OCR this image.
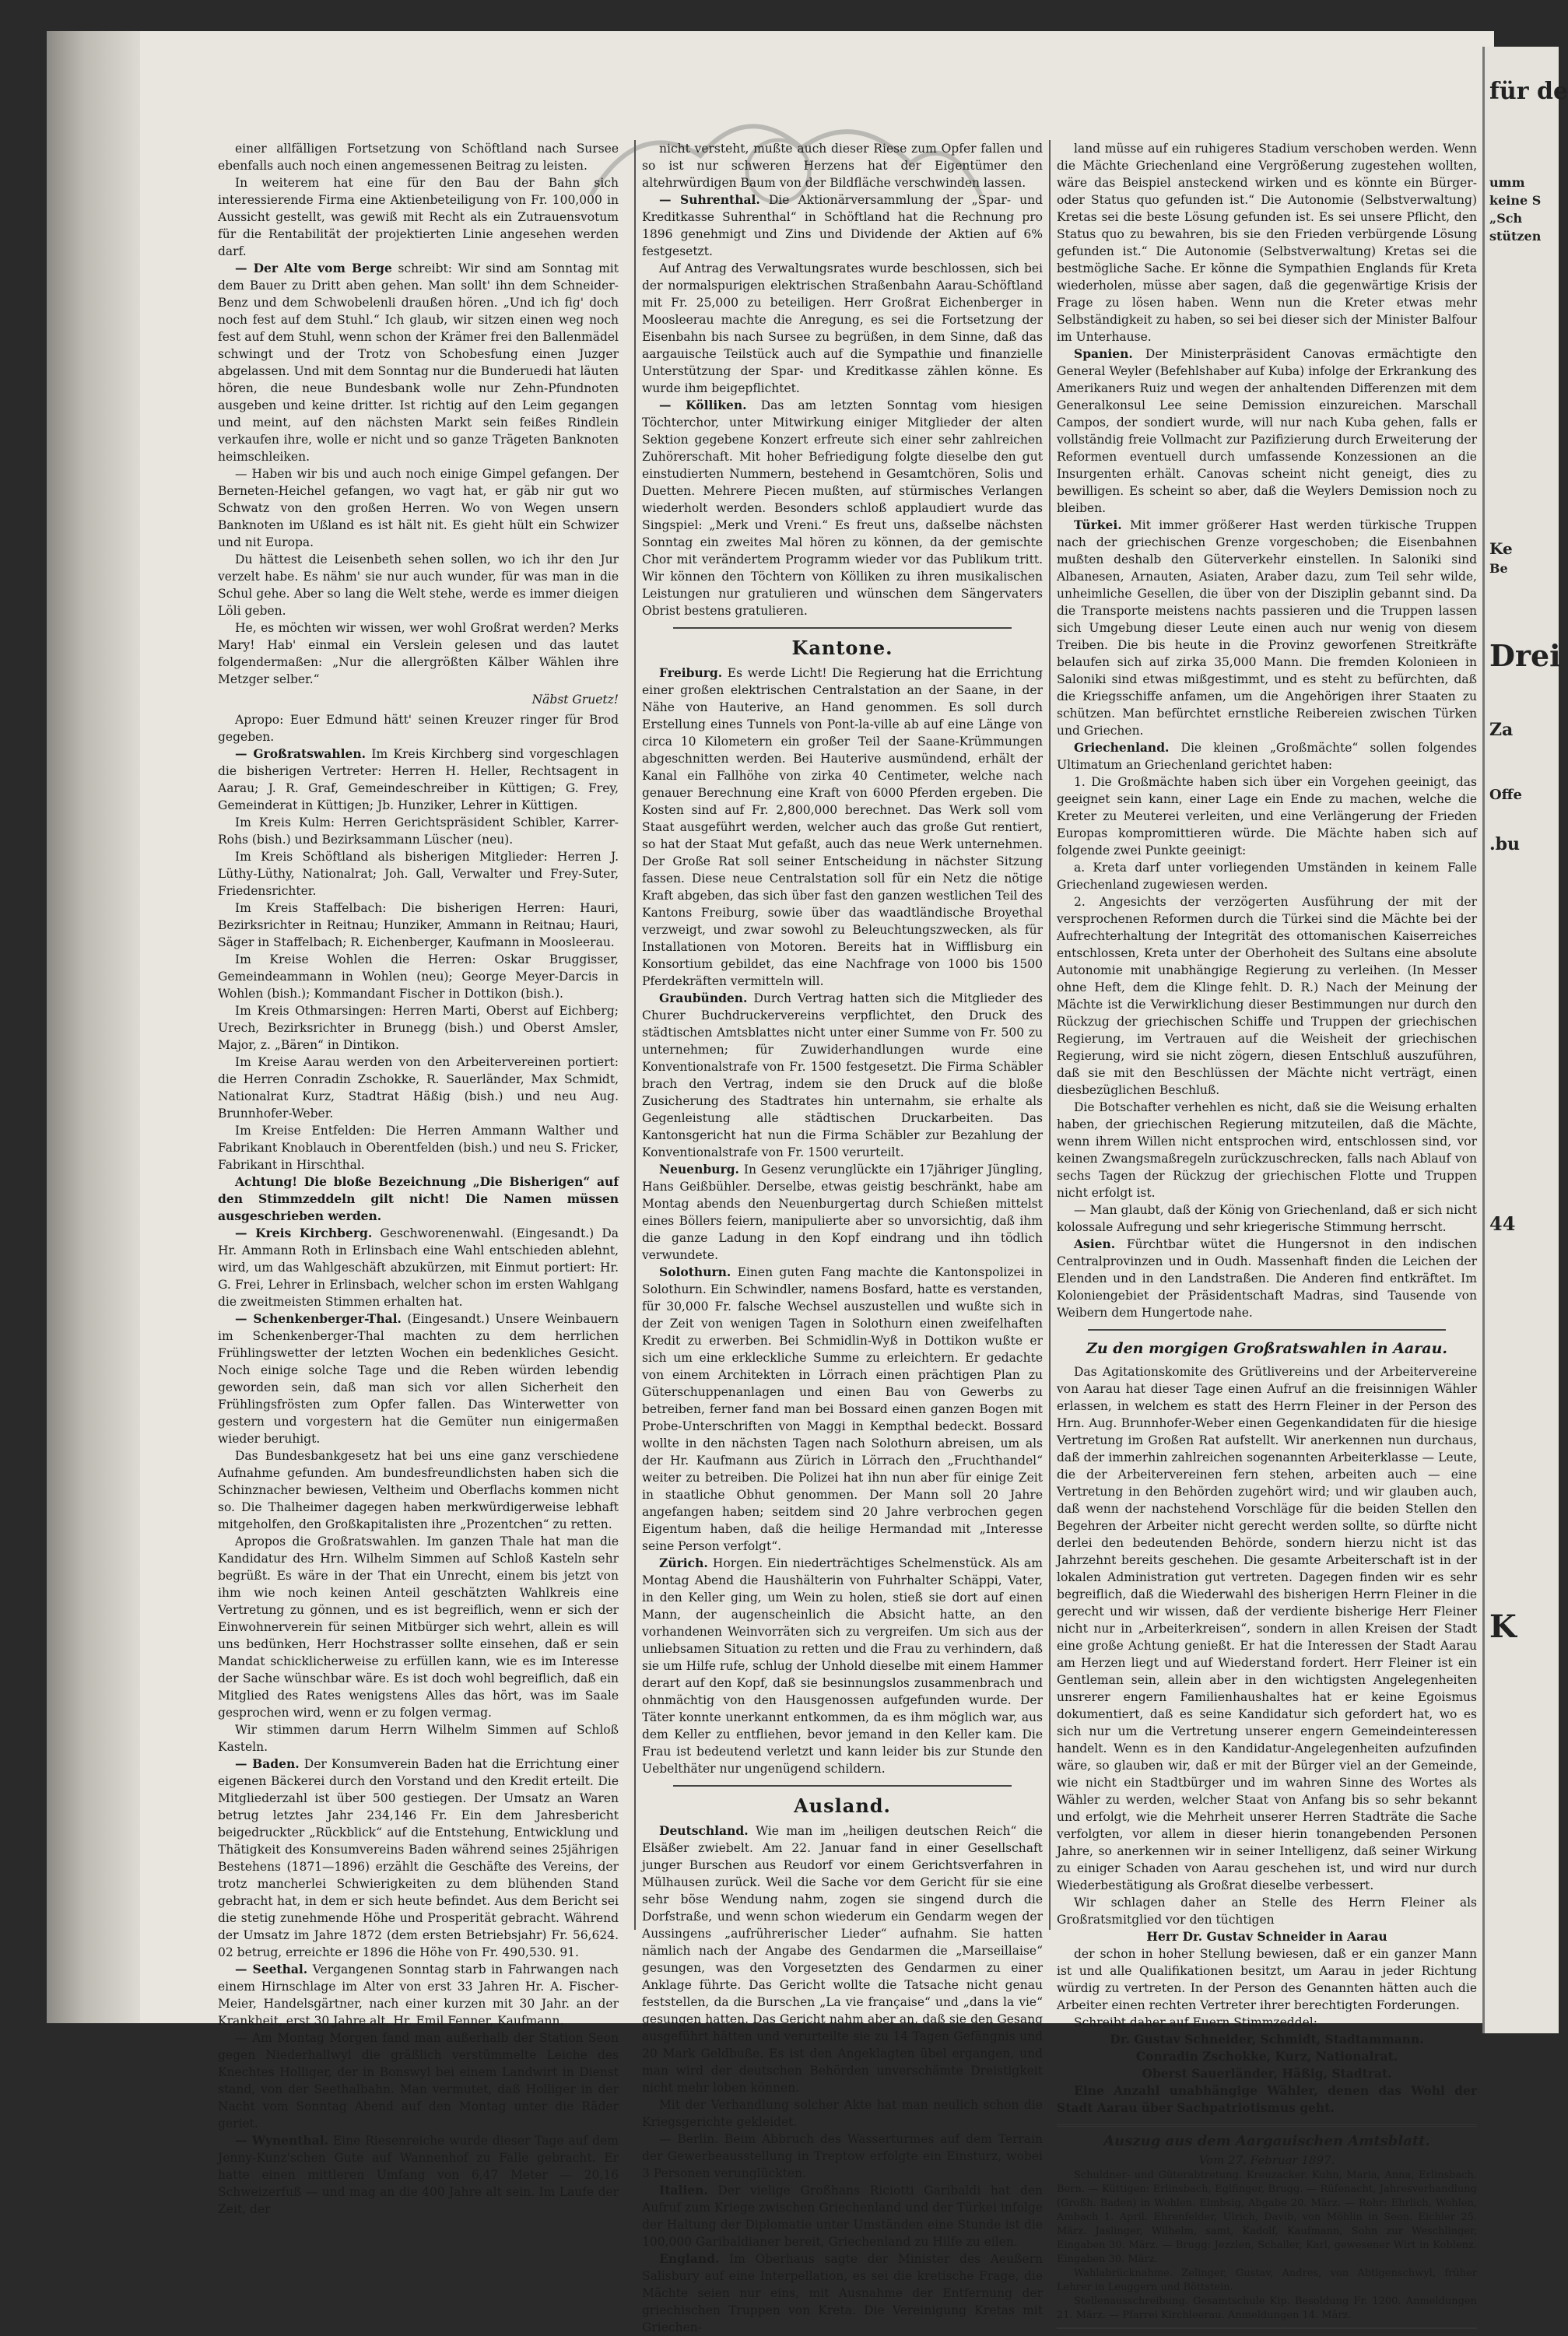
einer allfälligen Fortsetzung von Schöftland nach Sursee ebenfalls auch noch einen angemessenen Beitrag zu leisten.

In weiterem hat eine für den Bau der Bahn sich interessierende Firma eine Aktienbeteiligung von Fr. 100,000 in Aussicht gestellt, was gewiß mit Recht als ein Zutrauensvotum für die Rentabilität der projektierten Linie angesehen werden darf.

— Der Alte vom Berge schreibt: Wir sind am Sonntag mit dem Bauer zu Dritt aben gehen. Man sollt' ihn dem Schneider-Benz und dem Schwobelenli draußen hören. „Und ich fig' doch noch fest auf dem Stuhl.“ Ich glaub, wir sitzen einen weg noch fest auf dem Stuhl, wenn schon der Krämer frei den Ballenmädel schwingt und der Trotz von Schobesfung einen Juzger abgelassen. Und mit dem Sonntag nur die Bunderuedi hat läuten hören, die neue Bundesbank wolle nur Zehn-Pfundnoten ausgeben und keine dritter. Ist richtig auf den Leim gegangen und meint, auf den nächsten Markt sein feißes Rindlein verkaufen ihre, wolle er nicht und so ganze Trägeten Banknoten heimschleiken.

— Haben wir bis und auch noch einige Gimpel gefangen. Der Berneten-Heichel gefangen, wo vagt hat, er gäb nir gut wo Schwatz von den großen Herren. Wo von Wegen unsern Banknoten im Ußland es ist hält nit. Es gieht hült ein Schwizer und nit Europa.

Du hättest die Leisenbeth sehen sollen, wo ich ihr den Jur verzelt habe. Es nähm' sie nur auch wunder, für was man in die Schul gehe. Aber so lang die Welt stehe, werde es immer dieigen Löli geben.

He, es möchten wir wissen, wer wohl Großrat werden? Merks Mary! Hab' einmal ein Verslein gelesen und das lautet folgendermaßen: „Nur die allergrößten Kälber Wählen ihre Metzger selber.“

Näbst Gruetz!

Apropo: Euer Edmund hätt' seinen Kreuzer ringer für Brod gegeben.

— Großratswahlen. Im Kreis Kirchberg sind vorgeschlagen die bisherigen Vertreter: Herren H. Heller, Rechtsagent in Aarau; J. R. Graf, Gemeindeschreiber in Küttigen; G. Frey, Gemeinderat in Küttigen; Jb. Hunziker, Lehrer in Küttigen.

Im Kreis Kulm: Herren Gerichtspräsident Schibler, Karrer-Rohs (bish.) und Bezirksammann Lüscher (neu).

Im Kreis Schöftland als bisherigen Mitglieder: Herren J. Lüthy-Lüthy, Nationalrat; Joh. Gall, Verwalter und Frey-Suter, Friedensrichter.

Im Kreis Staffelbach: Die bisherigen Herren: Hauri, Bezirksrichter in Reitnau; Hunziker, Ammann in Reitnau; Hauri, Säger in Staffelbach; R. Eichenberger, Kaufmann in Moosleerau.

Im Kreise Wohlen die Herren: Oskar Bruggisser, Gemeindeammann in Wohlen (neu); George Meyer-Darcis in Wohlen (bish.); Kommandant Fischer in Dottikon (bish.).

Im Kreis Othmarsingen: Herren Marti, Oberst auf Eichberg; Urech, Bezirksrichter in Brunegg (bish.) und Oberst Amsler, Major, z. „Bären“ in Dintikon.

Im Kreise Aarau werden von den Arbeitervereinen portiert: die Herren Conradin Zschokke, R. Sauerländer, Max Schmidt, Nationalrat Kurz, Stadtrat Häßig (bish.) und neu Aug. Brunnhofer-Weber.

Im Kreise Entfelden: Die Herren Ammann Walther und Fabrikant Knoblauch in Oberentfelden (bish.) und neu S. Fricker, Fabrikant in Hirschthal.

Achtung! Die bloße Bezeichnung „Die Bisherigen“ auf den Stimmzeddeln gilt nicht! Die Namen müssen ausgeschrieben werden.

— Kreis Kirchberg. Geschworenenwahl. (Eingesandt.) Da Hr. Ammann Roth in Erlinsbach eine Wahl entschieden ablehnt, wird, um das Wahlgeschäft abzukürzen, mit Einmut portiert: Hr. G. Frei, Lehrer in Erlinsbach, welcher schon im ersten Wahlgang die zweitmeisten Stimmen erhalten hat.

— Schenkenberger-Thal. (Eingesandt.) Unsere Weinbauern im Schenkenberger-Thal machten zu dem herrlichen Frühlingswetter der letzten Wochen ein bedenkliches Gesicht. Noch einige solche Tage und die Reben würden lebendig geworden sein, daß man sich vor allen Sicherheit den Frühlingsfrösten zum Opfer fallen. Das Winterwetter von gestern und vorgestern hat die Gemüter nun einigermaßen wieder beruhigt.

Das Bundesbankgesetz hat bei uns eine ganz verschiedene Aufnahme gefunden. Am bundesfreundlichsten haben sich die Schinznacher bewiesen, Veltheim und Oberflachs kommen nicht so. Die Thalheimer dagegen haben merkwürdigerweise lebhaft mitgeholfen, den Großkapitalisten ihre „Prozentchen“ zu retten.

Apropos die Großratswahlen. Im ganzen Thale hat man die Kandidatur des Hrn. Wilhelm Simmen auf Schloß Kasteln sehr begrüßt. Es wäre in der That ein Unrecht, einem bis jetzt von ihm wie noch keinen Anteil geschätzten Wahlkreis eine Vertretung zu gönnen, und es ist begreiflich, wenn er sich der Einwohnerverein für seinen Mitbürger sich wehrt, allein es will uns bedünken, Herr Hochstrasser sollte einsehen, daß er sein Mandat schicklicherweise zu erfüllen kann, wie es im Interesse der Sache wünschbar wäre. Es ist doch wohl begreiflich, daß ein Mitglied des Rates wenigstens Alles das hört, was im Saale gesprochen wird, wenn er zu folgen vermag.

Wir stimmen darum Herrn Wilhelm Simmen auf Schloß Kasteln.

— Baden. Der Konsumverein Baden hat die Errichtung einer eigenen Bäckerei durch den Vorstand und den Kredit erteilt. Die Mitgliederzahl ist über 500 gestiegen. Der Umsatz an Waren betrug letztes Jahr 234,146 Fr. Ein dem Jahresbericht beigedruckter „Rückblick“ auf die Entstehung, Entwicklung und Thätigkeit des Konsumvereins Baden während seines 25jährigen Bestehens (1871—1896) erzählt die Geschäfte des Vereins, der trotz mancherlei Schwierigkeiten zu dem blühenden Stand gebracht hat, in dem er sich heute befindet. Aus dem Bericht sei die stetig zunehmende Höhe und Prosperität gebracht. Während der Umsatz im Jahre 1872 (dem ersten Betriebsjahr) Fr. 56,624. 02 betrug, erreichte er 1896 die Höhe von Fr. 490,530. 91.

— Seethal. Vergangenen Sonntag starb in Fahrwangen nach einem Hirnschlage im Alter von erst 33 Jahren Hr. A. Fischer-Meier, Handelsgärtner, nach einer kurzen mit 30 Jahr. an der Krankheit, erst 30 Jahre alt, Hr. Emil Fenner, Kaufmann.

— Am Montag Morgen fand man außerhalb der Station Seon gegen Niederhallwyl die gräßlich verstümmelte Leiche des Knechtes Holliger, der in Bonswyl bei einem Landwirt in Dienst stand, von der Seethalbahn. Man vermutet, daß Holliger in der Nacht vom Sonntag Abend auf den Montag unter die Räder geriet.

— Wynenthal. Eine Riesenreiche wurde dieser Tage auf dem Jenny-Kunz'schen Gute auf Wannenhof zu Falle gebracht. Er hatte einen mittleren Umfang von 6,47 Meter — 20,16 Schweizerfuß — und mag an die 400 Jahre alt sein. Im Laufe der Zeit, der

nicht versteht, mußte auch dieser Riese zum Opfer fallen und so ist nur schweren Herzens hat der Eigentümer den altehrwürdigen Baum von der Bildfläche verschwinden lassen.

— Suhrenthal. Die Aktionärversammlung der „Spar- und Kreditkasse Suhrenthal“ in Schöftland hat die Rechnung pro 1896 genehmigt und Zins und Dividende der Aktien auf 6% festgesetzt.

Auf Antrag des Verwaltungsrates wurde beschlossen, sich bei der normalspurigen elektrischen Straßenbahn Aarau-Schöftland mit Fr. 25,000 zu beteiligen. Herr Großrat Eichenberger in Moosleerau machte die Anregung, es sei die Fortsetzung der Eisenbahn bis nach Sursee zu begrüßen, in dem Sinne, daß das aargauische Teilstück auch auf die Sympathie und finanzielle Unterstützung der Spar- und Kreditkasse zählen könne. Es wurde ihm beigepflichtet.

— Kölliken. Das am letzten Sonntag vom hiesigen Töchterchor, unter Mitwirkung einiger Mitglieder der alten Sektion gegebene Konzert erfreute sich einer sehr zahlreichen Zuhörerschaft. Mit hoher Befriedigung folgte dieselbe den gut einstudierten Nummern, bestehend in Gesamtchören, Solis und Duetten. Mehrere Piecen mußten, auf stürmisches Verlangen wiederholt werden. Besonders schloß applaudiert wurde das Singspiel: „Merk und Vreni.“ Es freut uns, daßselbe nächsten Sonntag ein zweites Mal hören zu können, da der gemischte Chor mit verändertem Programm wieder vor das Publikum tritt. Wir können den Töchtern von Kölliken zu ihren musikalischen Leistungen nur gratulieren und wünschen dem Sängervaters Obrist bestens gratulieren.

Kantone.

Freiburg. Es werde Licht! Die Regierung hat die Errichtung einer großen elektrischen Centralstation an der Saane, in der Nähe von Hauterive, an Hand genommen. Es soll durch Erstellung eines Tunnels von Pont-la-ville ab auf eine Länge von circa 10 Kilometern ein großer Teil der Saane-Krümmungen abgeschnitten werden. Bei Hauterive ausmündend, erhält der Kanal ein Fallhöhe von zirka 40 Centimeter, welche nach genauer Berechnung eine Kraft von 6000 Pferden ergeben. Die Kosten sind auf Fr. 2,800,000 berechnet. Das Werk soll vom Staat ausgeführt werden, welcher auch das große Gut rentiert, so hat der Staat Mut gefaßt, auch das neue Werk unternehmen. Der Große Rat soll seiner Entscheidung in nächster Sitzung fassen. Diese neue Centralstation soll für ein Netz die nötige Kraft abgeben, das sich über fast den ganzen westlichen Teil des Kantons Freiburg, sowie über das waadtländische Broyethal verzweigt, und zwar sowohl zu Beleuchtungszwecken, als für Installationen von Motoren. Bereits hat in Wifflisburg ein Konsortium gebildet, das eine Nachfrage von 1000 bis 1500 Pferdekräften vermitteln will.

Graubünden. Durch Vertrag hatten sich die Mitglieder des Churer Buchdruckervereins verpflichtet, den Druck des städtischen Amtsblattes nicht unter einer Summe von Fr. 500 zu unternehmen; für Zuwiderhandlungen wurde eine Konventionalstrafe von Fr. 1500 festgesetzt. Die Firma Schäbler brach den Vertrag, indem sie den Druck auf die bloße Zusicherung des Stadtrates hin unternahm, sie erhalte als Gegenleistung alle städtischen Druckarbeiten. Das Kantonsgericht hat nun die Firma Schäbler zur Bezahlung der Konventionalstrafe von Fr. 1500 verurteilt.

Neuenburg. In Gesenz verunglückte ein 17jähriger Jüngling, Hans Geißbühler. Derselbe, etwas geistig beschränkt, habe am Montag abends den Neuenburgertag durch Schießen mittelst eines Böllers feiern, manipulierte aber so unvorsichtig, daß ihm die ganze Ladung in den Kopf eindrang und ihn tödlich verwundete.

Solothurn. Einen guten Fang machte die Kantonspolizei in Solothurn. Ein Schwindler, namens Bosfard, hatte es verstanden, für 30,000 Fr. falsche Wechsel auszustellen und wußte sich in der Zeit von wenigen Tagen in Solothurn einen zweifelhaften Kredit zu erwerben. Bei Schmidlin-Wyß in Dottikon wußte er sich um eine erkleckliche Summe zu erleichtern. Er gedachte von einem Architekten in Lörrach einen prächtigen Plan zu Güterschuppenanlagen und einen Bau von Gewerbs zu betreiben, ferner fand man bei Bossard einen ganzen Bogen mit Probe-Unterschriften von Maggi in Kempthal bedeckt. Bossard wollte in den nächsten Tagen nach Solothurn abreisen, um als der Hr. Kaufmann aus Zürich in Lörrach den „Fruchthandel“ weiter zu betreiben. Die Polizei hat ihn nun aber für einige Zeit in staatliche Obhut genommen. Der Mann soll 20 Jahre angefangen haben; seitdem sind 20 Jahre verbrochen gegen Eigentum haben, daß die heilige Hermandad mit „Interesse seine Person verfolgt“.

Zürich. Horgen. Ein niederträchtiges Schelmenstück. Als am Montag Abend die Haushälterin von Fuhrhalter Schäppi, Vater, in den Keller ging, um Wein zu holen, stieß sie dort auf einen Mann, der augenscheinlich die Absicht hatte, an den vorhandenen Weinvorräten sich zu vergreifen. Um sich aus der unliebsamen Situation zu retten und die Frau zu verhindern, daß sie um Hilfe rufe, schlug der Unhold dieselbe mit einem Hammer derart auf den Kopf, daß sie besinnungslos zusammenbrach und ohnmächtig von den Hausgenossen aufgefunden wurde. Der Täter konnte unerkannt entkommen, da es ihm möglich war, aus dem Keller zu entfliehen, bevor jemand in den Keller kam. Die Frau ist bedeutend verletzt und kann leider bis zur Stunde den Uebelthäter nur ungenügend schildern.

Ausland.

Deutschland. Wie man im „heiligen deutschen Reich“ die Elsäßer zwiebelt. Am 22. Januar fand in einer Gesellschaft junger Burschen aus Reudorf vor einem Gerichtsverfahren in Mülhausen zurück. Weil die Sache vor dem Gericht für sie eine sehr böse Wendung nahm, zogen sie singend durch die Dorfstraße, und wenn schon wiederum ein Gendarm wegen der Aussingens „aufrührerischer Lieder“ aufnahm. Sie hatten nämlich nach der Angabe des Gendarmen die „Marseillaise“ gesungen, was den Vorgesetzten des Gendarmen zu einer Anklage führte. Das Gericht wollte die Tatsache nicht genau feststellen, da die Burschen „La vie française“ und „dans la vie“ gesungen hatten. Das Gericht nahm aber an, daß sie den Gesang ausgeführt hätten und verurteilte sie zu 14 Tagen Gefängnis und 20 Mark Geldbuße. Es ist den Angeklagten übel ergangen, und man wird der deutschen Behörden unverschämte Dreistigkeit nicht mehr loben können.

Mit der Verhandlung solcher Akte hat man neulich schon die Kriegsgerichte gekleidet.

— Berlin. Beim Abbruch des Wasserturmes auf dem Terrain der Gewerbeausstellung in Treptow erfolgte ein Einsturz, wobei 3 Personen verunglückten.

Italien. Der vielige Großhans Riciotti Garibaldi hat den Aufruf zum Kriege zwischen Griechenland und der Türkei infolge der Haltung der Diplomatie unter Umständen eine Stunde ist die 100,000 Garibaldianer bereit, Griechenland zu Hilfe zu eilen.

England. Im Oberhaus sagte der Minister des Aeußern Salisbury auf eine Interpellation, es sei die kretische Frage, die Mächte seien nur eins, mit Ausnahme der Entfernung der griechischen Truppen von Kreta. Die Vereinigung Kretas mit Griechen-

land müsse auf ein ruhigeres Stadium verschoben werden. Wenn die Mächte Griechenland eine Vergrößerung zugestehen wollten, wäre das Beispiel ansteckend wirken und es könnte ein Bürger- oder Status quo gefunden ist.“ Die Autonomie (Selbstverwaltung) Kretas sei die beste Lösung gefunden ist. Es sei unsere Pflicht, den Status quo zu bewahren, bis sie den Frieden verbürgende Lösung gefunden ist.“ Die Autonomie (Selbstverwaltung) Kretas sei die bestmögliche Sache. Er könne die Sympathien Englands für Kreta wiederholen, müsse aber sagen, daß die gegenwärtige Krisis der Frage zu lösen haben. Wenn nun die Kreter etwas mehr Selbständigkeit zu haben, so sei bei dieser sich der Minister Balfour im Unterhause.

Spanien. Der Ministerpräsident Canovas ermächtigte den General Weyler (Befehlshaber auf Kuba) infolge der Erkrankung des Amerikaners Ruiz und wegen der anhaltenden Differenzen mit dem Generalkonsul Lee seine Demission einzureichen. Marschall Campos, der sondiert wurde, will nur nach Kuba gehen, falls er vollständig freie Vollmacht zur Pazifizierung durch Erweiterung der Reformen eventuell durch umfassende Konzessionen an die Insurgenten erhält. Canovas scheint nicht geneigt, dies zu bewilligen. Es scheint so aber, daß die Weylers Demission noch zu bleiben.

Türkei. Mit immer größerer Hast werden türkische Truppen nach der griechischen Grenze vorgeschoben; die Eisenbahnen mußten deshalb den Güterverkehr einstellen. In Saloniki sind Albanesen, Arnauten, Asiaten, Araber dazu, zum Teil sehr wilde, unheimliche Gesellen, die über von der Disziplin gebannt sind. Da die Transporte meistens nachts passieren und die Truppen lassen sich Umgebung dieser Leute einen auch nur wenig von diesem Treiben. Die bis heute in die Provinz geworfenen Streitkräfte belaufen sich auf zirka 35,000 Mann. Die fremden Kolonieen in Saloniki sind etwas mißgestimmt, und es steht zu befürchten, daß die Kriegsschiffe anfamen, um die Angehörigen ihrer Staaten zu schützen. Man befürchtet ernstliche Reibereien zwischen Türken und Griechen.

Griechenland. Die kleinen „Großmächte“ sollen folgendes Ultimatum an Griechenland gerichtet haben:

1. Die Großmächte haben sich über ein Vorgehen geeinigt, das geeignet sein kann, einer Lage ein Ende zu machen, welche die Kreter zu Meuterei verleiten, und eine Verlängerung der Frieden Europas kompromittieren würde. Die Mächte haben sich auf folgende zwei Punkte geeinigt:

a. Kreta darf unter vorliegenden Umständen in keinem Falle Griechenland zugewiesen werden.

2. Angesichts der verzögerten Ausführung der mit der versprochenen Reformen durch die Türkei sind die Mächte bei der Aufrechterhaltung der Integrität des ottomanischen Kaiserreiches entschlossen, Kreta unter der Oberhoheit des Sultans eine absolute Autonomie mit unabhängige Regierung zu verleihen. (In Messer ohne Heft, dem die Klinge fehlt. D. R.) Nach der Meinung der Mächte ist die Verwirklichung dieser Bestimmungen nur durch den Rückzug der griechischen Schiffe und Truppen der griechischen Regierung, im Vertrauen auf die Weisheit der griechischen Regierung, wird sie nicht zögern, diesen Entschluß auszuführen, daß sie mit den Beschlüssen der Mächte nicht verträgt, einen diesbezüglichen Beschluß.

Die Botschafter verhehlen es nicht, daß sie die Weisung erhalten haben, der griechischen Regierung mitzuteilen, daß die Mächte, wenn ihrem Willen nicht entsprochen wird, entschlossen sind, vor keinen Zwangsmaßregeln zurückzuschrecken, falls nach Ablauf von sechs Tagen der Rückzug der griechischen Flotte und Truppen nicht erfolgt ist.

— Man glaubt, daß der König von Griechenland, daß er sich nicht kolossale Aufregung und sehr kriegerische Stimmung herrscht.

Asien. Fürchtbar wütet die Hungersnot in den indischen Centralprovinzen und in Oudh. Massenhaft finden die Leichen der Elenden und in den Landstraßen. Die Anderen find entkräftet. Im Koloniengebiet der Präsidentschaft Madras, sind Tausende von Weibern dem Hungertode nahe.

Zu den morgigen Großratswahlen in Aarau.

Das Agitationskomite des Grütlivereins und der Arbeitervereine von Aarau hat dieser Tage einen Aufruf an die freisinnigen Wähler erlassen, in welchem es statt des Herrn Fleiner in der Person des Hrn. Aug. Brunnhofer-Weber einen Gegenkandidaten für die hiesige Vertretung im Großen Rat aufstellt. Wir anerkennen nun durchaus, daß der immerhin zahlreichen sogenannten Arbeiterklasse — Leute, die der Arbeitervereinen fern stehen, arbeiten auch — eine Vertretung in den Behörden zugehört wird; und wir glauben auch, daß wenn der nachstehend Vorschläge für die beiden Stellen den Begehren der Arbeiter nicht gerecht werden sollte, so dürfte nicht derlei den bedeutenden Behörde, sondern hierzu nicht ist das Jahrzehnt bereits geschehen. Die gesamte Arbeiterschaft ist in der lokalen Administration gut vertreten. Dagegen finden wir es sehr begreiflich, daß die Wiederwahl des bisherigen Herrn Fleiner in die gerecht und wir wissen, daß der verdiente bisherige Herr Fleiner nicht nur in „Arbeiterkreisen“, sondern in allen Kreisen der Stadt eine große Achtung genießt. Er hat die Interessen der Stadt Aarau am Herzen liegt und auf Wiederstand fordert. Herr Fleiner ist ein Gentleman sein, allein aber in den wichtigsten Angelegenheiten unsrerer engern Familienhaushaltes hat er keine Egoismus dokumentiert, daß es seine Kandidatur sich gefordert hat, wo es sich nur um die Vertretung unserer engern Gemeindeinteressen handelt. Wenn es in den Kandidatur-Angelegenheiten aufzufinden wäre, so glauben wir, daß er mit der Bürger viel an der Gemeinde, wie nicht ein Stadtbürger und im wahren Sinne des Wortes als Wähler zu werden, welcher Staat von Anfang bis so sehr bekannt und erfolgt, wie die Mehrheit unserer Herren Stadträte die Sache verfolgten, vor allem in dieser hierin tonangebenden Personen Jahre, so anerkennen wir in seiner Intelligenz, daß seiner Wirkung zu einiger Schaden von Aarau geschehen ist, und wird nur durch Wiederbestätigung als Großrat dieselbe verbessert.

Wir schlagen daher an Stelle des Herrn Fleiner als Großratsmitglied vor den tüchtigen

Herr Dr. Gustav Schneider in Aarau

der schon in hoher Stellung bewiesen, daß er ein ganzer Mann ist und alle Qualifikationen besitzt, um Aarau in jeder Richtung würdig zu vertreten. In der Person des Genannten hätten auch die Arbeiter einen rechten Vertreter ihrer berechtigten Forderungen.

Schreibt daher auf Euern Stimmzeddel:

Dr. Gustav Schneider, Schmidt, Stadtammann.

Conradin Zschokke, Kurz, Nationalrat.

Oberst Sauerländer, Häßig, Stadtrat.

Eine Anzahl unabhängige Wähler, denen das Wohl der Stadt Aarau über Sachpatriotismus geht.

Auszug aus dem Aargauischen Amtsblatt.
Vom 27. Februar 1897.

Schuldner- und Güterabtretung. Kreuzacker. Kuhn, Maria, Anna, Erlinsbach. Bern. — Küttigen: Erlinsbach, Eglfinger, Brugg. — Rüfenacht, Jahresverhandlung (Großh. Baden) in Wohlen. Elmbsig, Abgabe 20. März. — Rohr: Ehrlich, Wohlen, Ambach 1. April. Ehrenfelder, Ulrich, Davib, von Möhlin in Seon. Eichler 25. März. Jaslinger, Wilhelm, samt, Kadolf, Kaufmann, Sohn zur Weschlinger, Eingaben 30. März. — Brugg: Jezzlen, Schaller, Karl, gewesener Wirt in Koblenz. Eingaben 30. März.

Wahlabrücknahme. Zelinger, Gustav, Andres, von Abtigenschwyl, früher Lehrer in Leuggern und Böttstein.

Stellenausschreibung. Gesamtschule Kip. Besoldung Fr. 1200. Anmeldungen 21. März. — Pfarrei Kirchleerau. Anmeldungen 14. März.

für de
umm
keine S
„Sch
stützen
Ke
Be
Drei
Za
Offe
.bu
44
K
